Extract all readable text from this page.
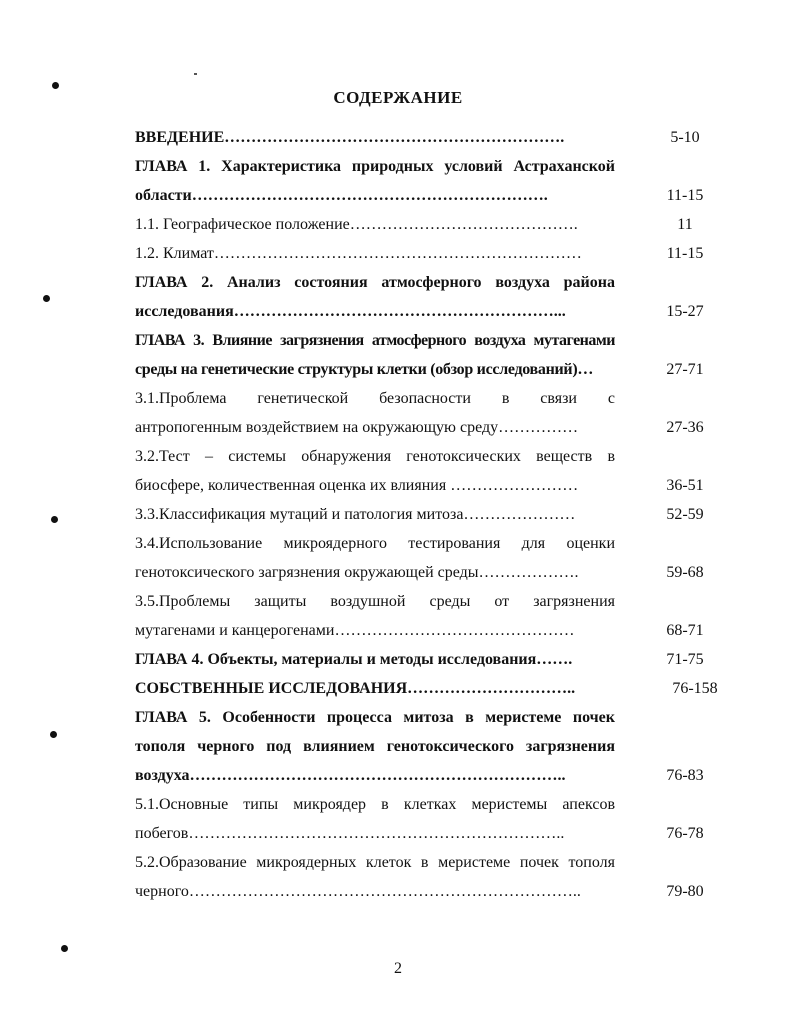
СОДЕРЖАНИЕ
ВВЕДЕНИЕ……………………………………………………….	5-10
ГЛАВА 1. Характеристика природных условий Астраханской
области………………………………………………………….	11-15
1.1. Географическое положение…………………………………….	11
1.2. Климат……………………………………………………………	11-15
ГЛАВА 2. Анализ состояния атмосферного воздуха района
исследования……………………………………………………...	15-27
ГЛАВА 3. Влияние загрязнения атмосферного воздуха мутагенами
среды на генетические структуры клетки (обзор исследований)…	27-71
3.1.Проблема генетической безопасности в связи с
антропогенным воздействием на окружающую среду……………	27-36
3.2.Тест – системы обнаружения генотоксических веществ в
биосфере, количественная оценка их влияния ……………………	36-51
3.3.Классификация мутаций и патология митоза…………………	52-59
3.4.Использование микроядерного тестирования для оценки
генотоксического загрязнения окружающей среды……………….	59-68
3.5.Проблемы защиты воздушной среды от загрязнения
мутагенами и канцерогенами………………………………………	68-71
ГЛАВА 4. Объекты, материалы и методы исследования…….	71-75
СОБСТВЕННЫЕ ИССЛЕДОВАНИЯ…………………………..	76-158
ГЛАВА 5. Особенности процесса митоза в меристеме почек
тополя черного под влиянием генотоксического загрязнения
воздуха……………………………………………………………..	76-83
5.1.Основные типы микроядер в клетках меристемы апексов
побегов……………………………………………………………..	76-78
5.2.Образование микроядерных клеток в меристеме почек тополя
черного………………………………………………………………..	79-80
2
